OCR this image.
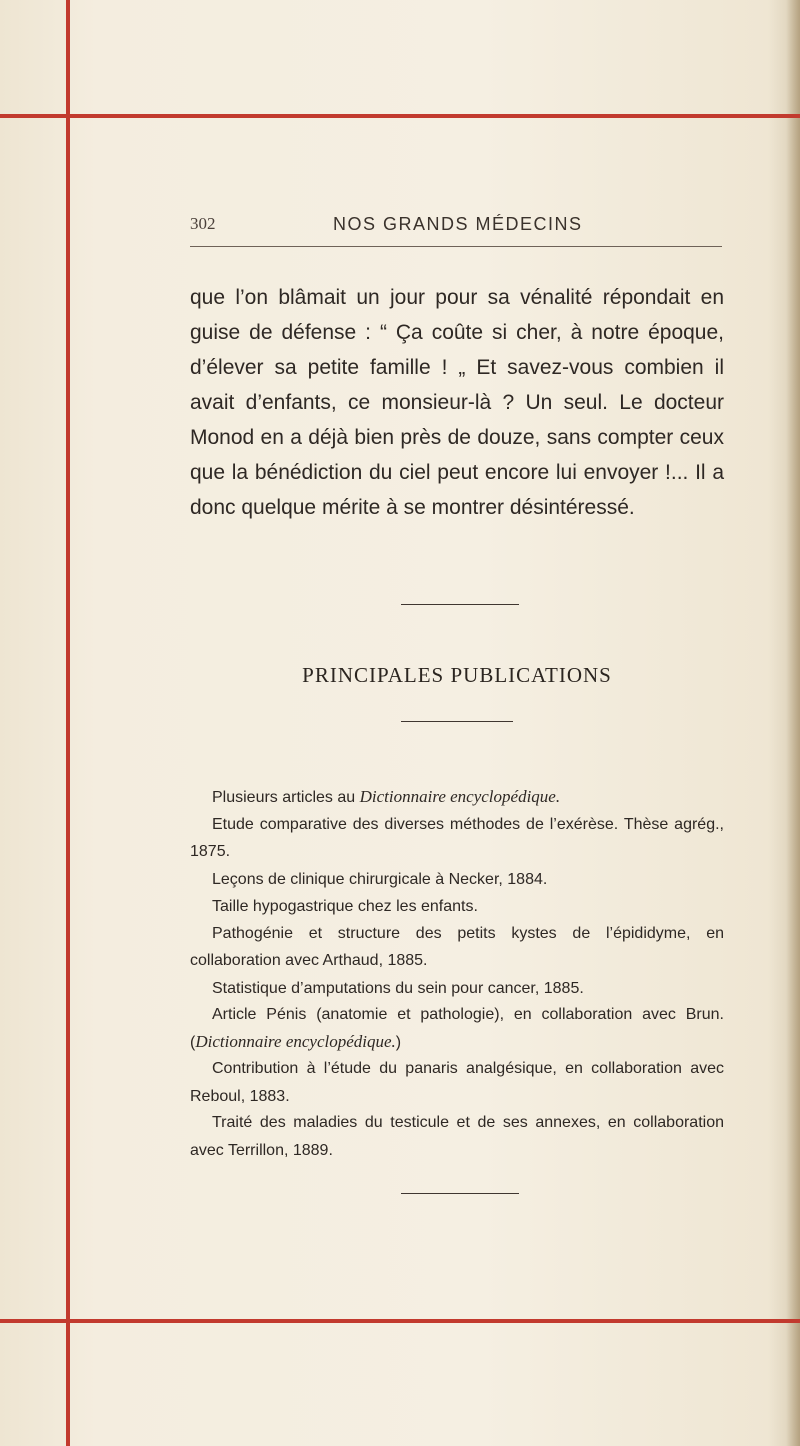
302	NOS GRANDS MÉDECINS

que l’on blâmait un jour pour sa vénalité répondait en guise de défense : “ Ça coûte si cher, à notre époque, d’élever sa petite famille ! „ Et savez-vous combien il avait d’enfants, ce monsieur-là ? Un seul. Le docteur Monod en a déjà bien près de douze, sans compter ceux que la bénédiction du ciel peut encore lui envoyer !... Il a donc quelque mérite à se montrer désintéressé.

PRINCIPALES PUBLICATIONS
Plusieurs articles au Dictionnaire encyclopédique.
Etude comparative des diverses méthodes de l’exérèse. Thèse agrég., 1875.
Leçons de clinique chirurgicale à Necker, 1884.
Taille hypogastrique chez les enfants.
Pathogénie et structure des petits kystes de l’épididyme, en collaboration avec Arthaud, 1885.
Statistique d’amputations du sein pour cancer, 1885.
Article Pénis (anatomie et pathologie), en collaboration avec Brun. (Dictionnaire encyclopédique.)
Contribution à l’étude du panaris analgésique, en collaboration avec Reboul, 1883.
Traité des maladies du testicule et de ses annexes, en collaboration avec Terrillon, 1889.
